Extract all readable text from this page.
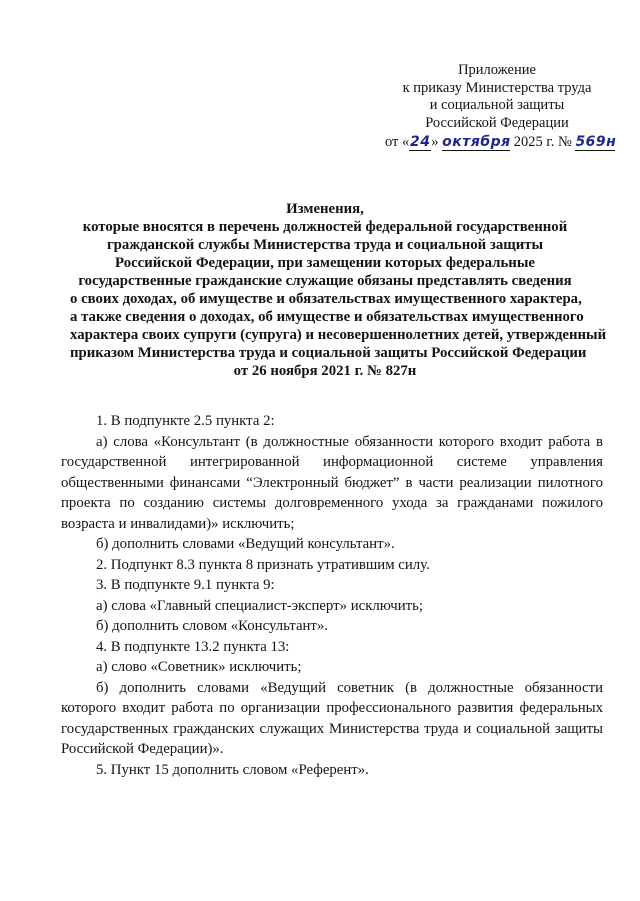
Приложение
к приказу Министерства труда
и социальной защиты
Российской Федерации
от «24» октября 2025 г. № 569н
Изменения,
которые вносятся в перечень должностей федеральной государственной
гражданской службы Министерства труда и социальной защиты
Российской Федерации, при замещении которых федеральные
государственные гражданские служащие обязаны представлять сведения
о своих доходах, об имуществе и обязательствах имущественного характера,
а также сведения о доходах, об имуществе и обязательствах имущественного
характера своих супруги (супруга) и несовершеннолетних детей, утвержденный
приказом Министерства труда и социальной защиты Российской Федерации
от 26 ноября 2021 г. № 827н

1. В подпункте 2.5 пункта 2:

а) слова «Консультант (в должностные обязанности которого входит работа в государственной интегрированной информационной системе управления общественными финансами “Электронный бюджет” в части реализации пилотного проекта по созданию системы долговременного ухода за гражданами пожилого возраста и инвалидами)» исключить;

б) дополнить словами «Ведущий консультант».

2. Подпункт 8.3 пункта 8 признать утратившим силу.

3. В подпункте 9.1 пункта 9:

а) слова «Главный специалист-эксперт» исключить;

б) дополнить словом «Консультант».

4. В подпункте 13.2 пункта 13:

а) слово «Советник» исключить;

б) дополнить словами «Ведущий советник (в должностные обязанности которого входит работа по организации профессионального развития федеральных государственных гражданских служащих Министерства труда и социальной защиты Российской Федерации)».

5. Пункт 15 дополнить словом «Референт».
